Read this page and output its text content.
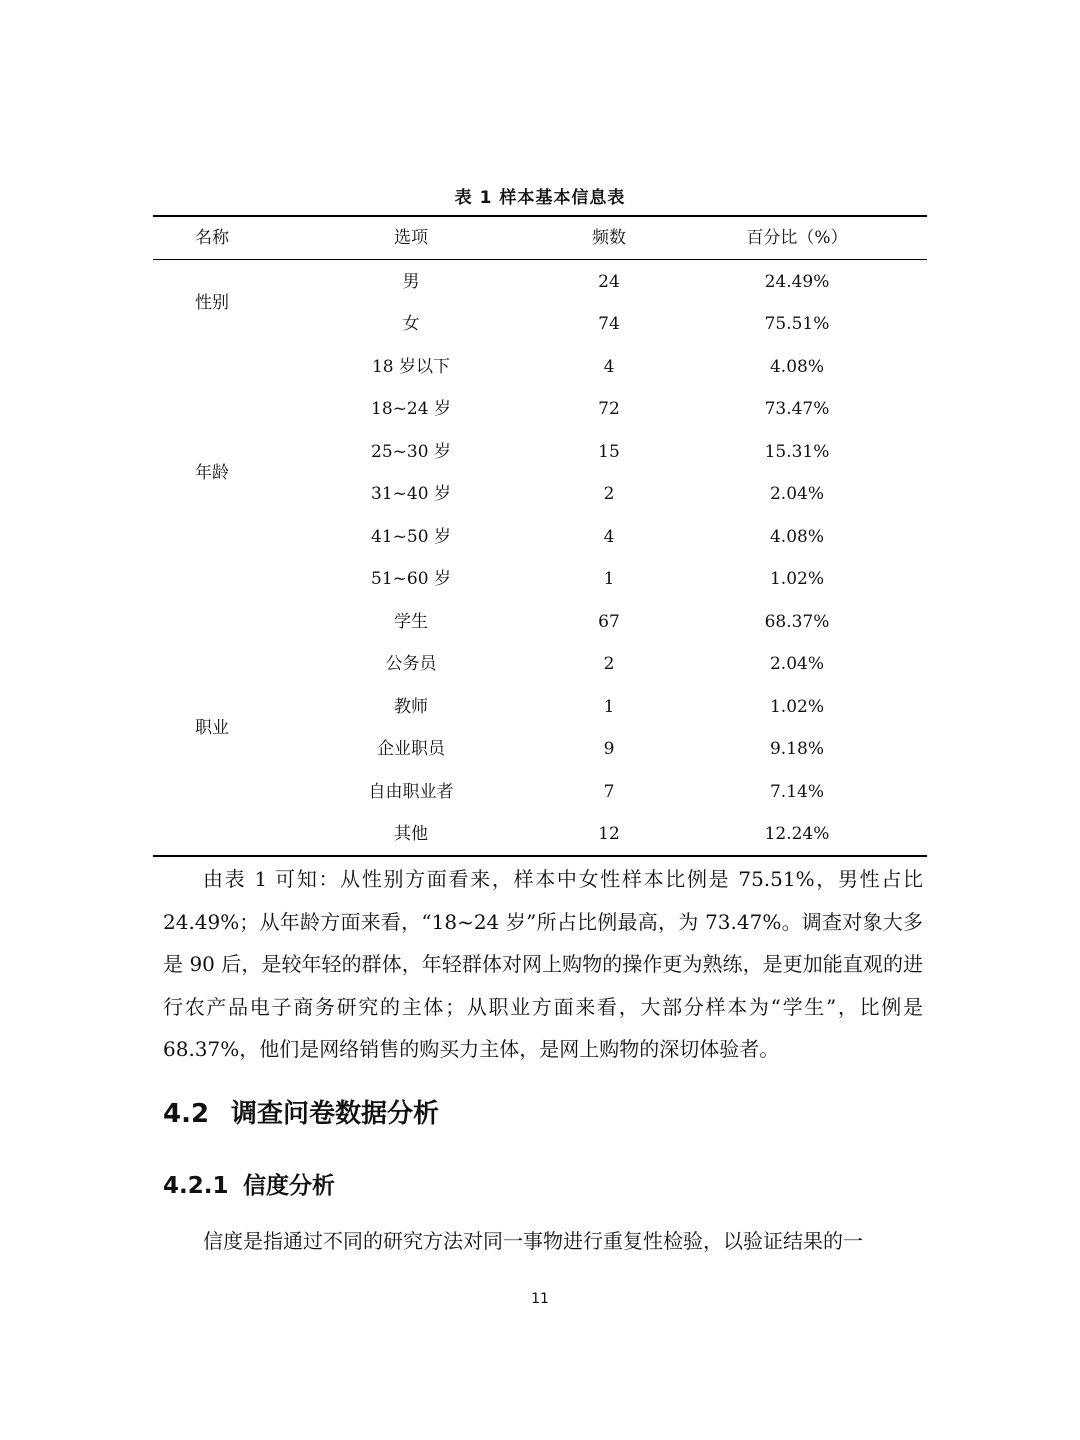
表 1 样本基本信息表
名称	选项	频数	百分比（%）
性别
男	24	24.49%
女	74	75.51%
年龄
18 岁以下	4	4.08%
18~24 岁	72	73.47%
25~30 岁	15	15.31%
31~40 岁	2	2.04%
41~50 岁	4	4.08%
51~60 岁	1	1.02%
职业
学生	67	68.37%
公务员	2	2.04%
教师	1	1.02%
企业职员	9	9.18%
自由职业者	7	7.14%
其他	12	12.24%

由表 1 可知：从性别方面看来，样本中女性样本比例是 75.51%，男性占比 24.49%；从年龄方面来看，“18~24 岁”所占比例最高，为 73.47%。调查对象大多是 90 后，是较年轻的群体，年轻群体对网上购物的操作更为熟练，是更加能直观的进行农产品电子商务研究的主体；从职业方面来看，大部分样本为“学生”，比例是 68.37%，他们是网络销售的购买力主体，是网上购物的深切体验者。

4.2 调查问卷数据分析
4.2.1 信度分析

信度是指通过不同的研究方法对同一事物进行重复性检验，以验证结果的一

11
